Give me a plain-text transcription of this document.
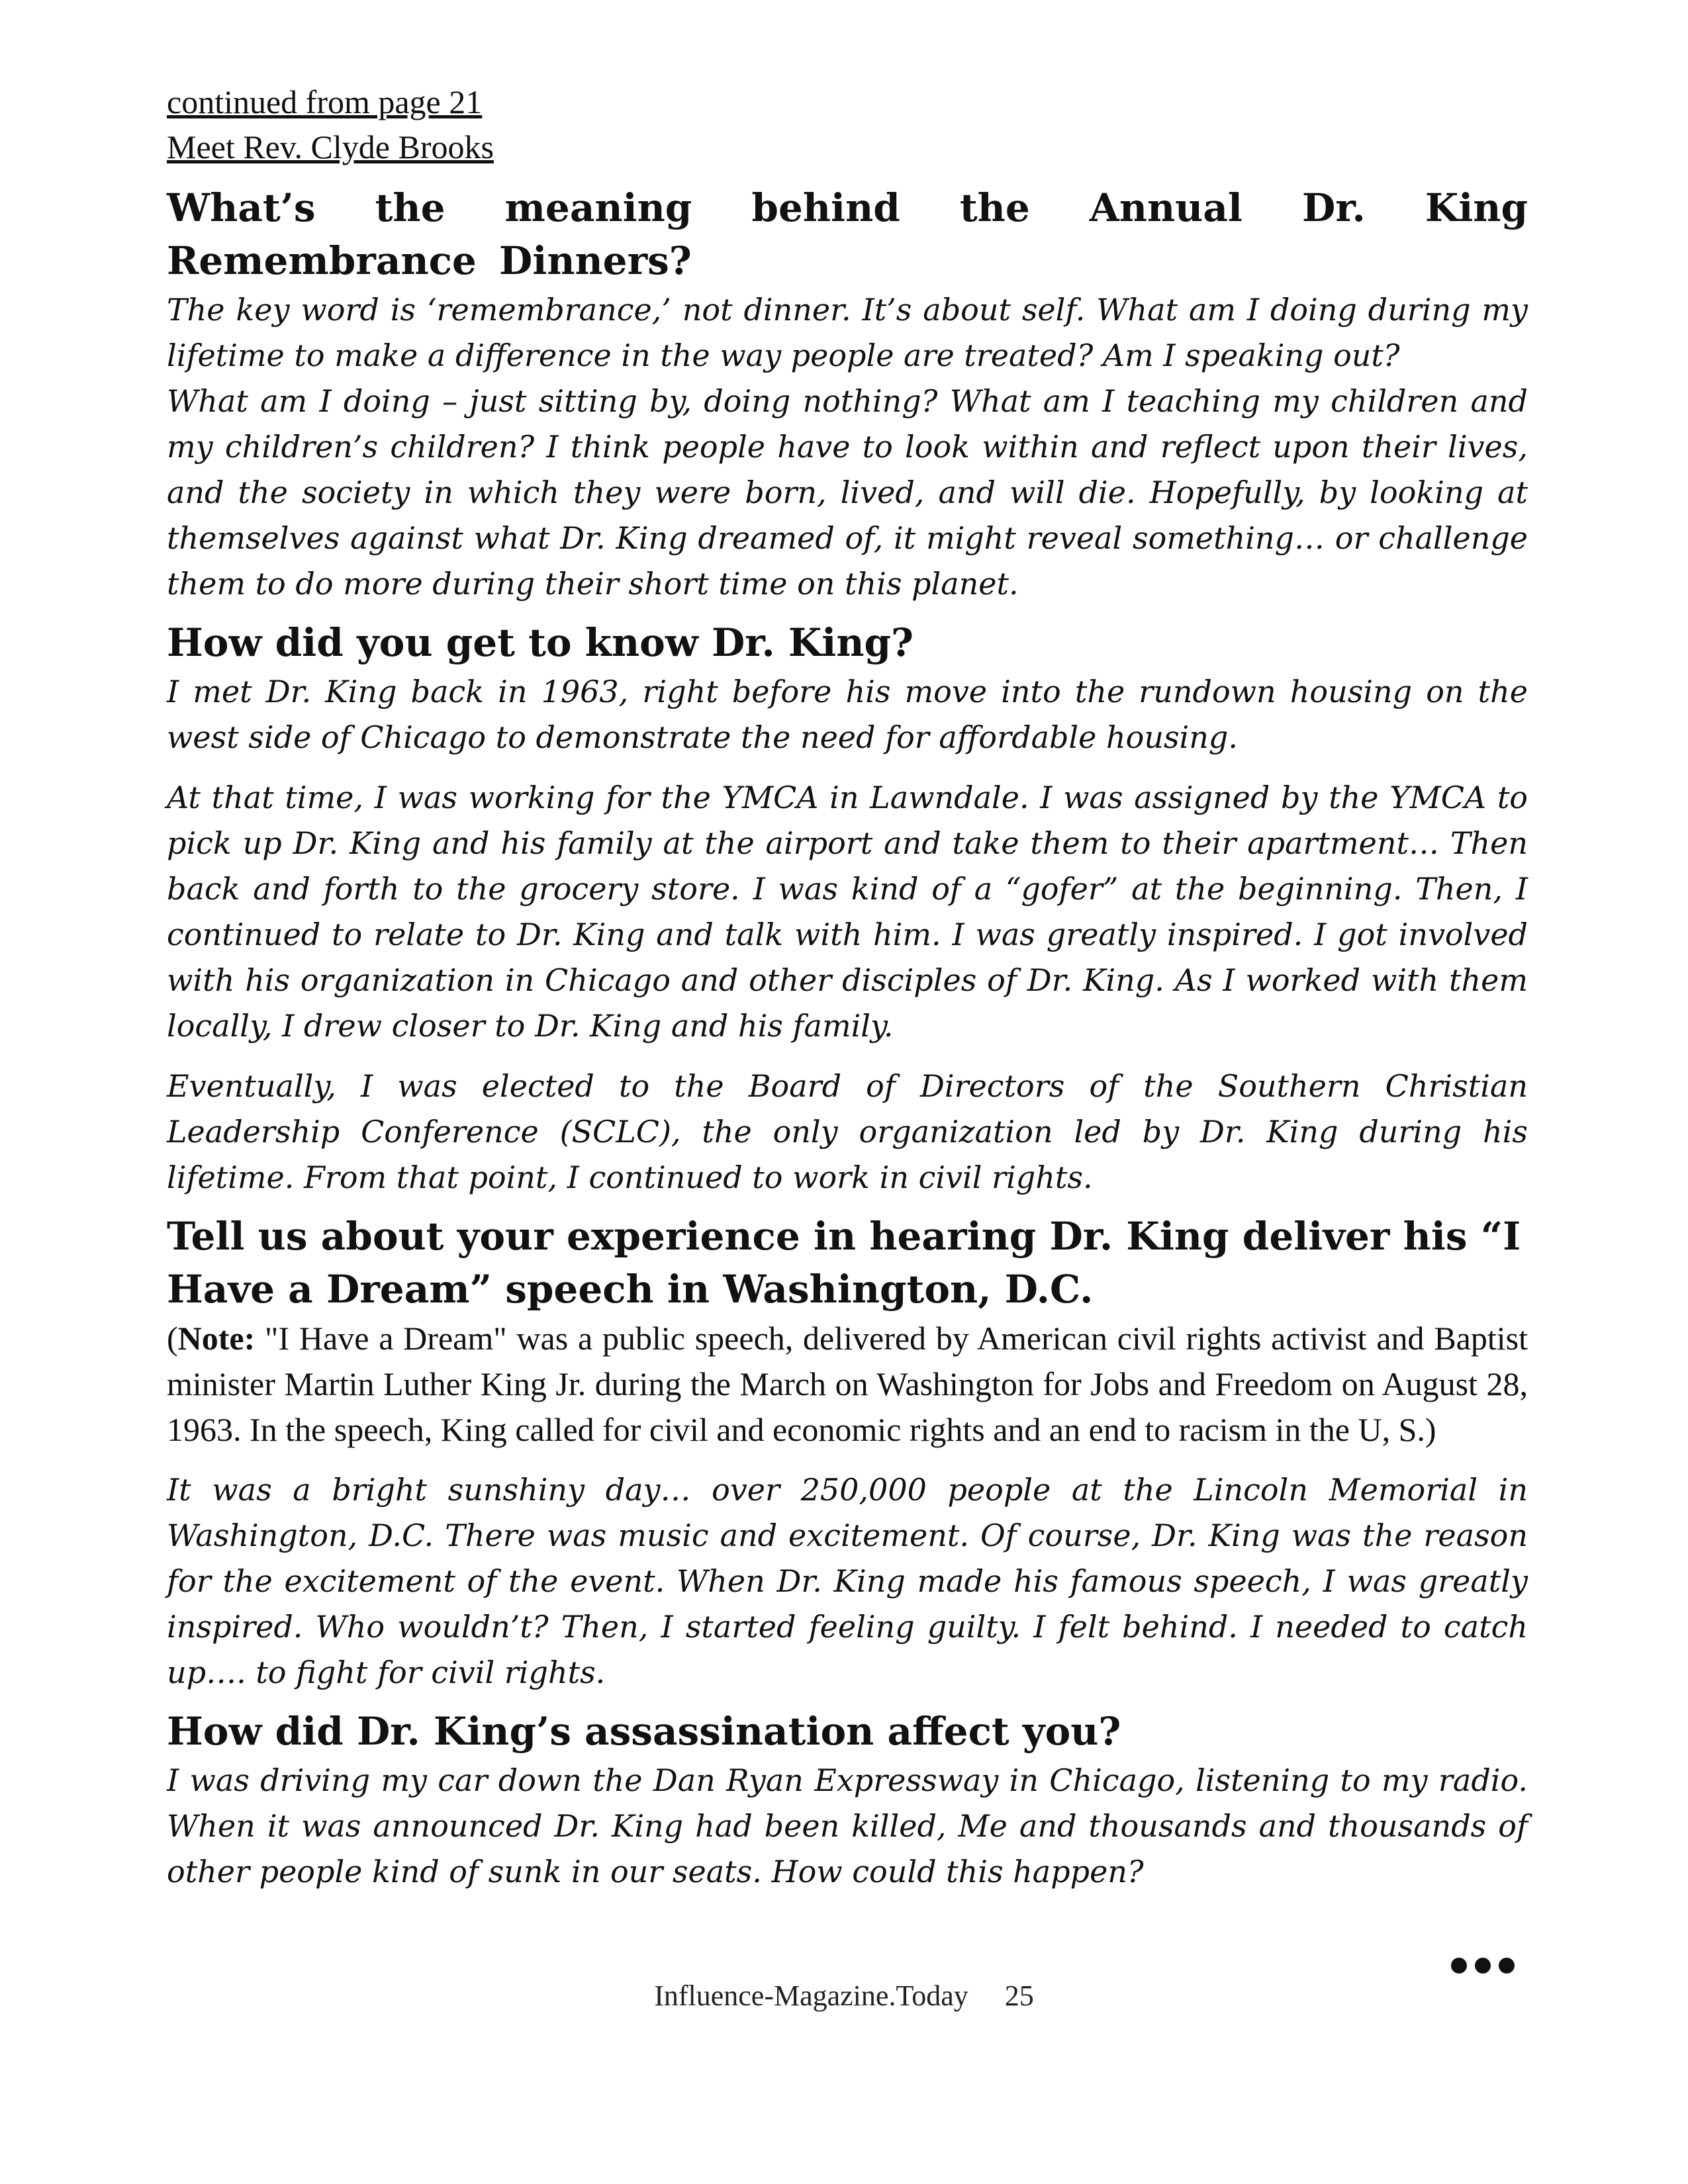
continued from page 21
Meet Rev. Clyde Brooks
What’s the meaning behind the Annual Dr. King Remembrance Dinners?

The key word is ‘remembrance,’ not dinner. It’s about self. What am I doing during my lifetime to make a difference in the way people are treated? Am I speaking out?

What am I doing – just sitting by, doing nothing? What am I teaching my children and my children’s children? I think people have to look within and reflect upon their lives, and the society in which they were born, lived, and will die. Hopefully, by looking at themselves against what Dr. King dreamed of, it might reveal something… or challenge them to do more during their short time on this planet.

How did you get to know Dr. King?

I met Dr. King back in 1963, right before his move into the rundown housing on the west side of Chicago to demonstrate the need for affordable housing.

At that time, I was working for the YMCA in Lawndale. I was assigned by the YMCA to pick up Dr. King and his family at the airport and take them to their apartment… Then back and forth to the grocery store. I was kind of a “gofer” at the beginning. Then, I continued to relate to Dr. King and talk with him. I was greatly inspired. I got involved with his organization in Chicago and other disciples of Dr. King. As I worked with them locally, I drew closer to Dr. King and his family.

Eventually, I was elected to the Board of Directors of the Southern Christian Leadership Conference (SCLC), the only organization led by Dr. King during his lifetime. From that point, I continued to work in civil rights.

Tell us about your experience in hearing Dr. King deliver his “I Have a Dream” speech in Washington, D.C.

(Note: "I Have a Dream" was a public speech, delivered by American civil rights activist and Baptist minister Martin Luther King Jr. during the March on Washington for Jobs and Freedom on August 28, 1963. In the speech, King called for civil and economic rights and an end to racism in the U, S.)

It was a bright sunshiny day… over 250,000 people at the Lincoln Memorial in Washington, D.C. There was music and excitement. Of course, Dr. King was the reason for the excitement of the event. When Dr. King made his famous speech, I was greatly inspired. Who wouldn’t? Then, I started feeling guilty. I felt behind. I needed to catch up…. to fight for civil rights.

How did Dr. King’s assassination affect you?

I was driving my car down the Dan Ryan Expressway in Chicago, listening to my radio. When it was announced Dr. King had been killed, Me and thousands and thousands of other people kind of sunk in our seats. How could this happen?

Influence-Magazine.Today 25
